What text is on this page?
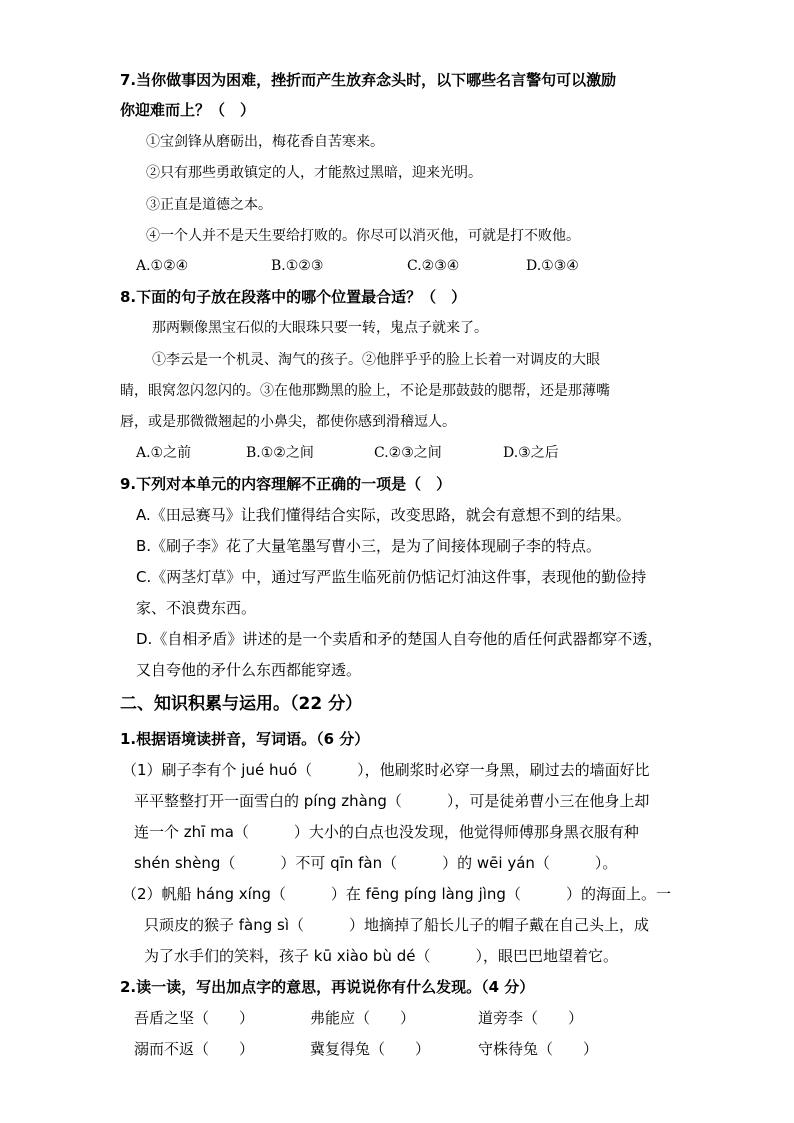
7.当你做事因为困难，挫折而产生放弃念头时，以下哪些名言警句可以激励
你迎难而上？（　）
①宝剑锋从磨砺出，梅花香自苦寒来。
②只有那些勇敢镇定的人，才能熬过黑暗，迎来光明。
③正直是道德之本。
④一个人并不是天生要给打败的。你尽可以消灭他，可就是打不败他。
A.①②④	B.①②③	C.②③④	D.①③④
8.下面的句子放在段落中的哪个位置最合适？（　）
那两颗像黑宝石似的大眼珠只要一转，鬼点子就来了。
①李云是一个机灵、淘气的孩子。②他胖乎乎的脸上长着一对调皮的大眼
睛，眼窝忽闪忽闪的。③在他那黝黑的脸上，不论是那鼓鼓的腮帮，还是那薄嘴
唇，或是那微微翘起的小鼻尖，都使你感到滑稽逗人。
A.①之前	B.①②之间	C.②③之间	D.③之后
9.下列对本单元的内容理解不正确的一项是（　）
A.《田忌赛马》让我们懂得结合实际，改变思路，就会有意想不到的结果。
B.《刷子李》花了大量笔墨写曹小三，是为了间接体现刷子李的特点。
C.《两茎灯草》中，通过写严监生临死前仍惦记灯油这件事，表现他的勤俭持
家、不浪费东西。
D.《自相矛盾》讲述的是一个卖盾和矛的楚国人自夸他的盾任何武器都穿不透，
又自夸他的矛什么东西都能穿透。
二、知识积累与运用。（22 分）
1.根据语境读拼音，写词语。（6 分）
（1）刷子李有个 jué huó（　　　），他刷浆时必穿一身黑，刷过去的墙面好比
平平整整打开一面雪白的 píng zhàng（　　　），可是徒弟曹小三在他身上却
连一个 zhī ma（　　　）大小的白点也没发现，他觉得师傅那身黑衣服有种
shén shèng（　　　）不可 qīn fàn（　　　）的 wēi yán（　　　）。
（2）帆船 háng xíng（　　　）在 fēng píng làng jìng（　　　）的海面上。一
只顽皮的猴子 fàng sì（　　　）地摘掉了船长儿子的帽子戴在自己头上，成
为了水手们的笑料，孩子 kū xiào bù dé（　　　），眼巴巴地望着它。
2.读一读，写出加点字的意思，再说说你有什么发现。（4 分）
吾盾之坚（　　）	弗能应（　　）	道旁李（　　）
溺而不返（　　）	冀复得兔（　　）	守株待兔（　　）
